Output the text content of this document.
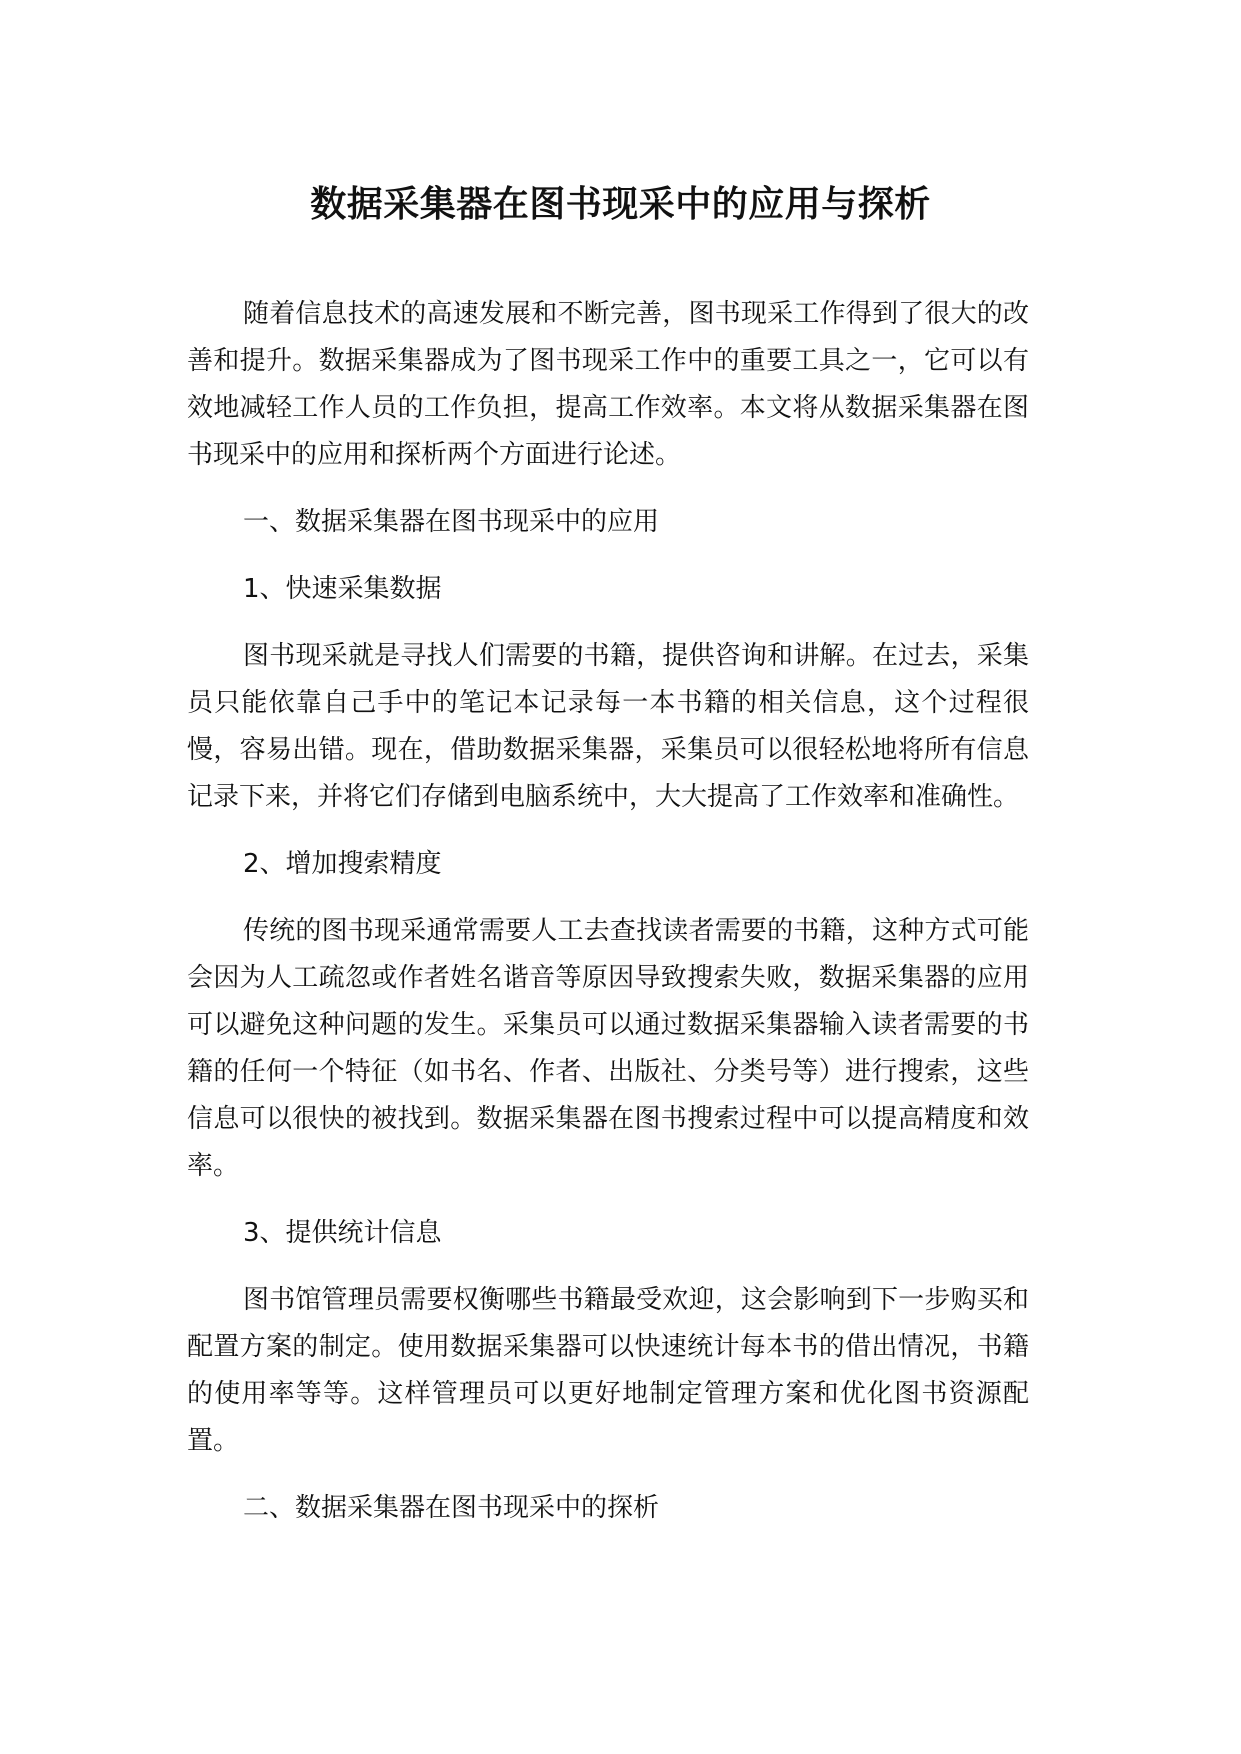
数据采集器在图书现采中的应用与探析

随着信息技术的高速发展和不断完善，图书现采工作得到了很大的改善和提升。数据采集器成为了图书现采工作中的重要工具之一，它可以有效地减轻工作人员的工作负担，提高工作效率。本文将从数据采集器在图书现采中的应用和探析两个方面进行论述。

一、数据采集器在图书现采中的应用

1、快速采集数据

图书现采就是寻找人们需要的书籍，提供咨询和讲解。在过去，采集员只能依靠自己手中的笔记本记录每一本书籍的相关信息，这个过程很慢，容易出错。现在，借助数据采集器，采集员可以很轻松地将所有信息记录下来，并将它们存储到电脑系统中，大大提高了工作效率和准确性。

2、增加搜索精度

传统的图书现采通常需要人工去查找读者需要的书籍，这种方式可能会因为人工疏忽或作者姓名谐音等原因导致搜索失败，数据采集器的应用可以避免这种问题的发生。采集员可以通过数据采集器输入读者需要的书籍的任何一个特征（如书名、作者、出版社、分类号等）进行搜索，这些信息可以很快的被找到。数据采集器在图书搜索过程中可以提高精度和效率。

3、提供统计信息

图书馆管理员需要权衡哪些书籍最受欢迎，这会影响到下一步购买和配置方案的制定。使用数据采集器可以快速统计每本书的借出情况，书籍的使用率等等。这样管理员可以更好地制定管理方案和优化图书资源配置。

二、数据采集器在图书现采中的探析
